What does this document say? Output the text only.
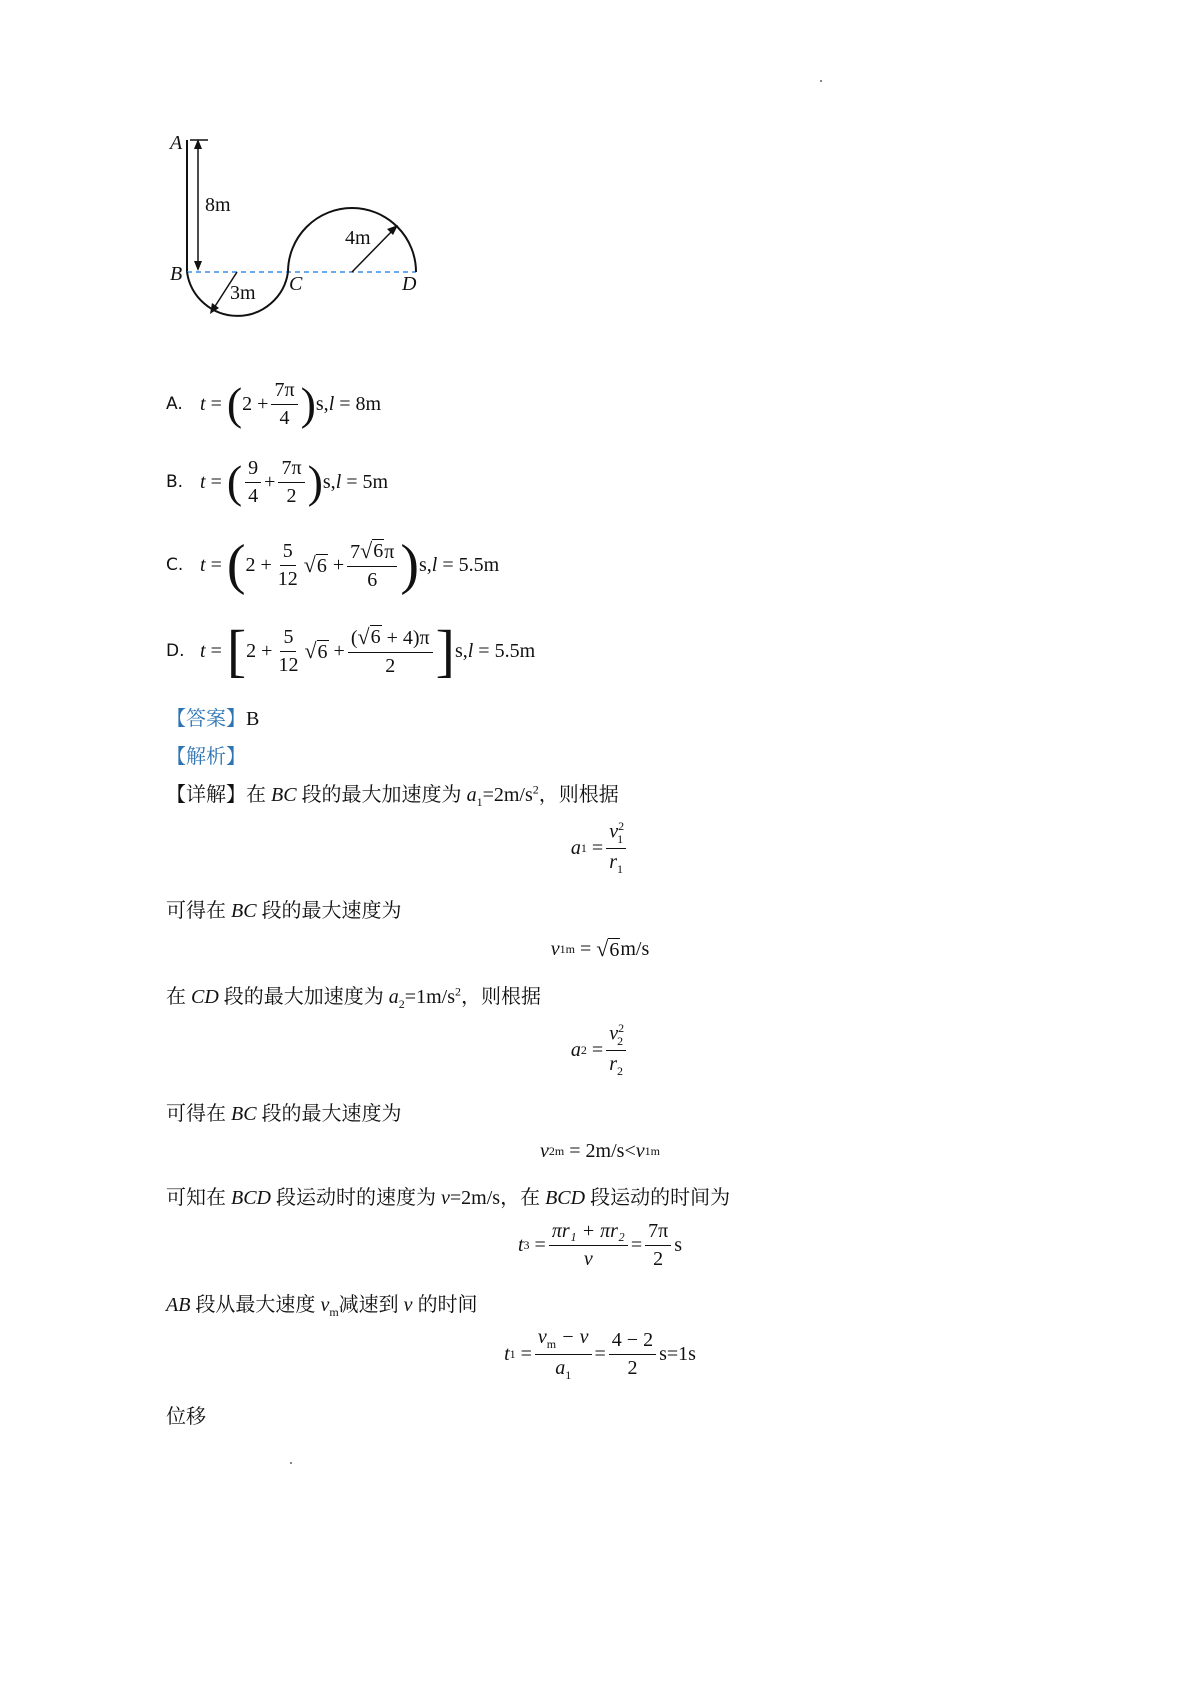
A
B	C	D
8m
3m
4m
A. t
=
( $2 + \frac{7\pi}{4}$ ) s, l
= 8m
B. t
=
( $\frac{9}{4} + \frac{7\pi}{2}$ ) s, l
= 5m
C. t
=
( $2 + \frac{5}{12}$ √ 6
+ $\frac{7 √ 6 \pi}{6}$ ) s, l
= 5.5m
D. t
=
[ $2 + \frac{5}{12}$ √ 6
+ $\frac{( √ 6 + 4)\pi}{2}$ ] s, l
= 5.5m
【答案】B
【解析】
【详解】在 BC 段的最大加速度为 $a_1=2m/s^2$，则根据
a 1
= $\frac{v^2_1}{r_1}$
可得在 BC 段的最大速度为
v 1m
=
√ 6 m/s
在 CD 段的最大加速度为 $a_2=1m/s^2$，则根据
a 2
= $\frac{v^2_2}{r_2}$
可得在 BC 段的最大速度为
v 2m
=
2m/s< v 1m
可知在 BCD 段运动时的速度为 v=2m/s，在 BCD 段运动的时间为
t 3
= $\frac{\text{πr₁ + πr₂}}{v} = \frac{7\pi}{2}$ s
AB 段从最大速度 $v_m$减速到 v 的时间
t 1
= $\frac{v_m - v}{a_1} = \frac{4 - 2}{2} s=1s$
位移
